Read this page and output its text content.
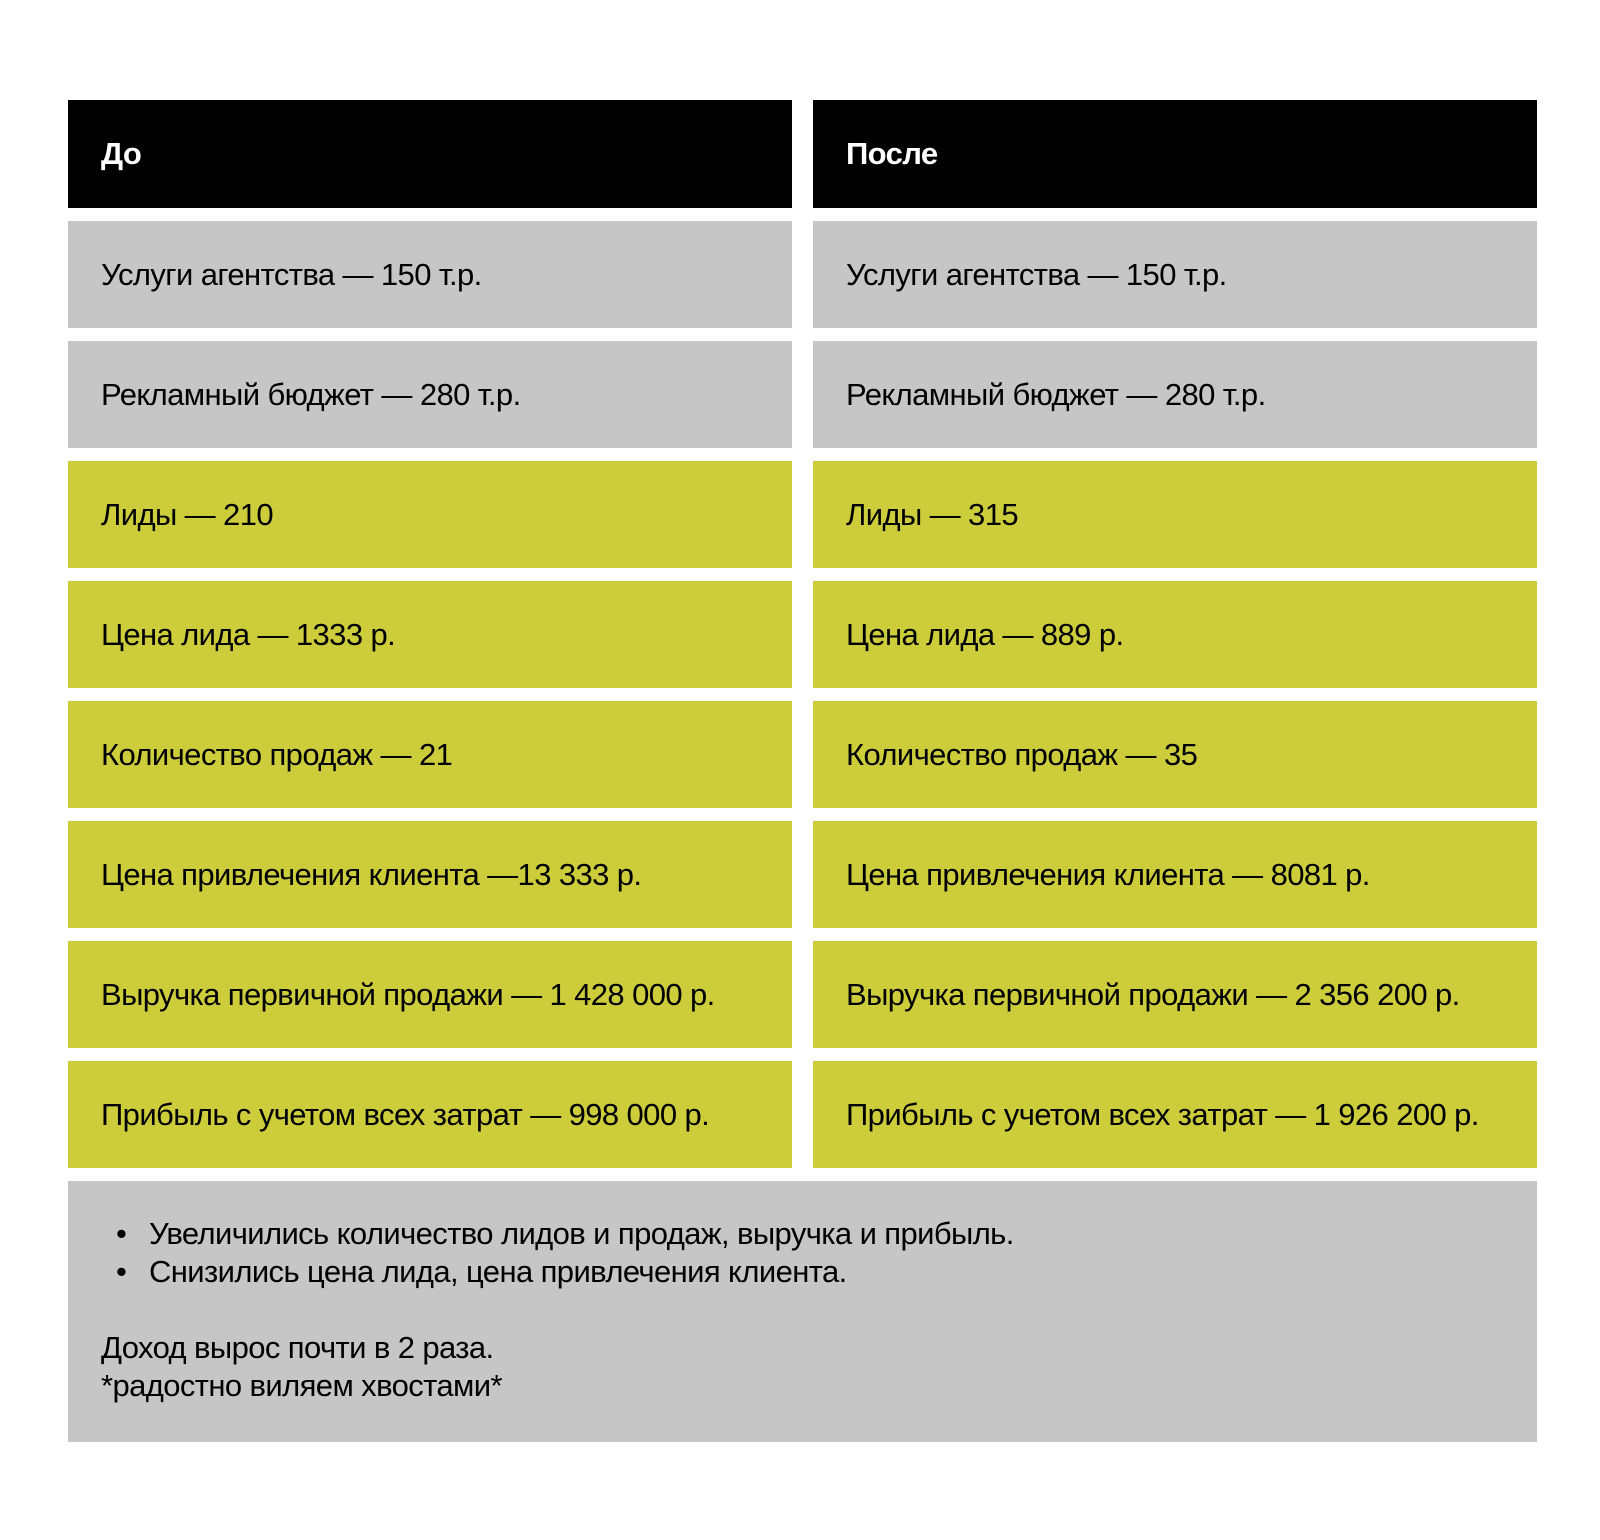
До	После
Услуги агентства — 150 т.р.	Услуги агентства — 150 т.р.
Рекламный бюджет — 280 т.р.	Рекламный бюджет — 280 т.р.
Лиды — 210	Лиды — 315
Цена лида — 1333 р.	Цена лида — 889 р.
Количество продаж — 21	Количество продаж — 35
Цена привлечения клиента —13 333 р.	Цена привлечения клиента — 8081 р.
Выручка первичной продажи — 1 428 000 р.	Выручка первичной продажи — 2 356 200 р.
Прибыль с учетом всех затрат — 998 000 р.	Прибыль с учетом всех затрат — 1 926 200 р.
• Увеличились количество лидов и продаж, выручка и прибыль.
• Снизились цена лида, цена привлечения клиента.
Доход вырос почти в 2 раза.
*радостно виляем хвостами*
